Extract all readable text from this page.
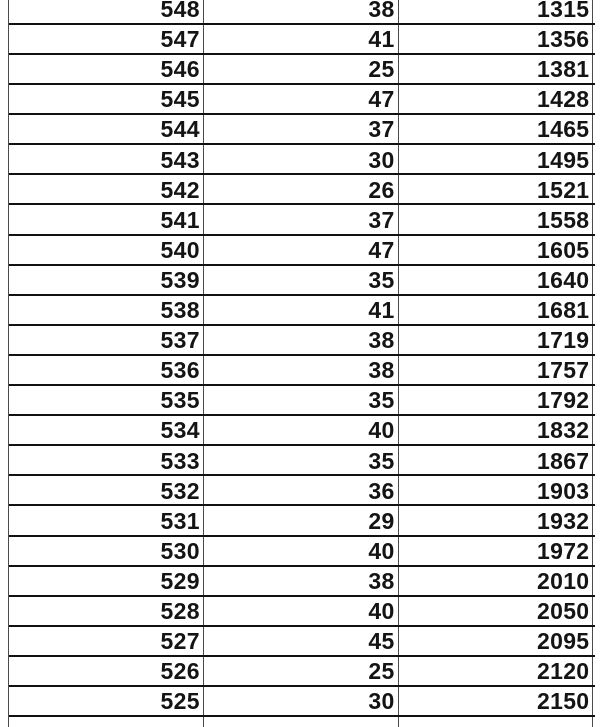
548	38	1315
547	41	1356
546	25	1381
545	47	1428
544	37	1465
543	30	1495
542	26	1521
541	37	1558
540	47	1605
539	35	1640
538	41	1681
537	38	1719
536	38	1757
535	35	1792
534	40	1832
533	35	1867
532	36	1903
531	29	1932
530	40	1972
529	38	2010
528	40	2050
527	45	2095
526	25	2120
525	30	2150
